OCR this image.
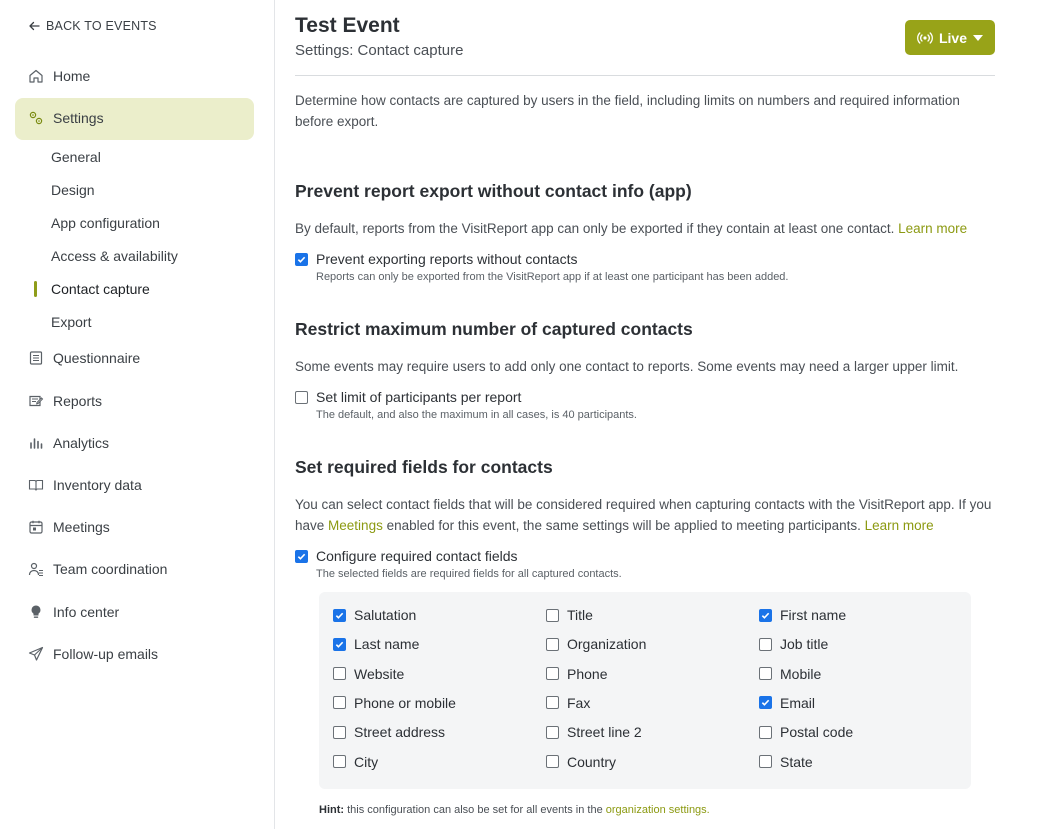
BACK TO EVENTS
Home
Settings
General
Design
App configuration
Access & availability
Contact capture
Export
Questionnaire
Reports
Analytics
Inventory data
Meetings
Team coordination
Info center
Follow-up emails
Test Event
Settings: Contact capture
Live
Determine how contacts are captured by users in the field, including limits on numbers and required information before export.
Prevent report export without contact info (app)
By default, reports from the VisitReport app can only be exported if they contain at least one contact. Learn more
Prevent exporting reports without contacts
Reports can only be exported from the VisitReport app if at least one participant has been added.
Restrict maximum number of captured contacts
Some events may require users to add only one contact to reports. Some events may need a larger upper limit.
Set limit of participants per report
The default, and also the maximum in all cases, is 40 participants.
Set required fields for contacts
You can select contact fields that will be considered required when capturing contacts with the VisitReport app. If you have Meetings enabled for this event, the same settings will be applied to meeting participants. Learn more
Configure required contact fields
The selected fields are required fields for all captured contacts.
Salutation	Title	First name
Last name	Organization	Job title
Website	Phone	Mobile
Phone or mobile	Fax	Email
Street address	Street line 2	Postal code
City	Country	State
Hint: this configuration can also be set for all events in the organization settings.
